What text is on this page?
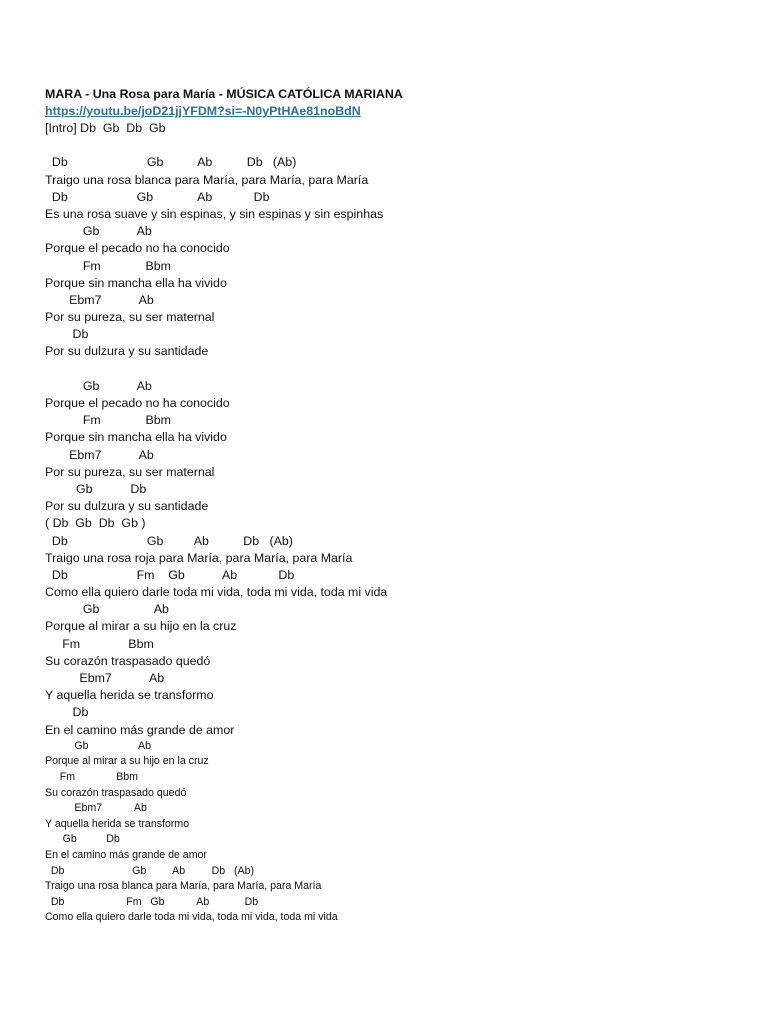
MARA - Una Rosa para María - MÚSICA CATÓLICA MARIANA
https://youtu.be/joD21jjYFDM?si=-N0yPtHAe81noBdN
[Intro] Db  Gb  Db  Gb
Db                       Gb          Ab          Db   (Ab)
Traigo una rosa blanca para María, para María, para María
Db                    Gb             Ab            Db
Es una rosa suave y sin espinas, y sin espinas y sin espinhas
Gb           Ab
Porque el pecado no ha conocido
Fm             Bbm
Porque sin mancha ella ha vivido
Ebm7           Ab
Por su pureza, su ser maternal
Db
Por su dulzura y su santidade
Gb           Ab
Porque el pecado no ha conocido
Fm             Bbm
Porque sin mancha ella ha vivido
Ebm7           Ab
Por su pureza, su ser maternal
Gb           Db
Por su dulzura y su santidade
( Db  Gb  Db  Gb )
Db                       Gb         Ab          Db   (Ab)
Traigo una rosa roja para María, para María, para María
Db                    Fm    Gb           Ab            Db
Como ella quiero darle toda mi vida, toda mi vida, toda mi vida
Gb                Ab
Porque al mirar a su hijo en la cruz
Fm              Bbm
Su corazón traspasado quedó
Ebm7           Ab
Y aquella herida se transformo
Db
En el camino más grande de amor
Gb                 Ab
Porque al mirar a su hijo en la cruz
Fm              Bbm
Su corazón traspasado quedó
Ebm7           Ab
Y aquella herida se transformo
Gb          Db
En el camino más grande de amor
Db                       Gb         Ab         Db   (Ab)
Traigo una rosa blanca para María, para María, para María
Db                     Fm   Gb           Ab            Db
Como ella quiero darle toda mi vida, toda mi vida, toda mi vida
